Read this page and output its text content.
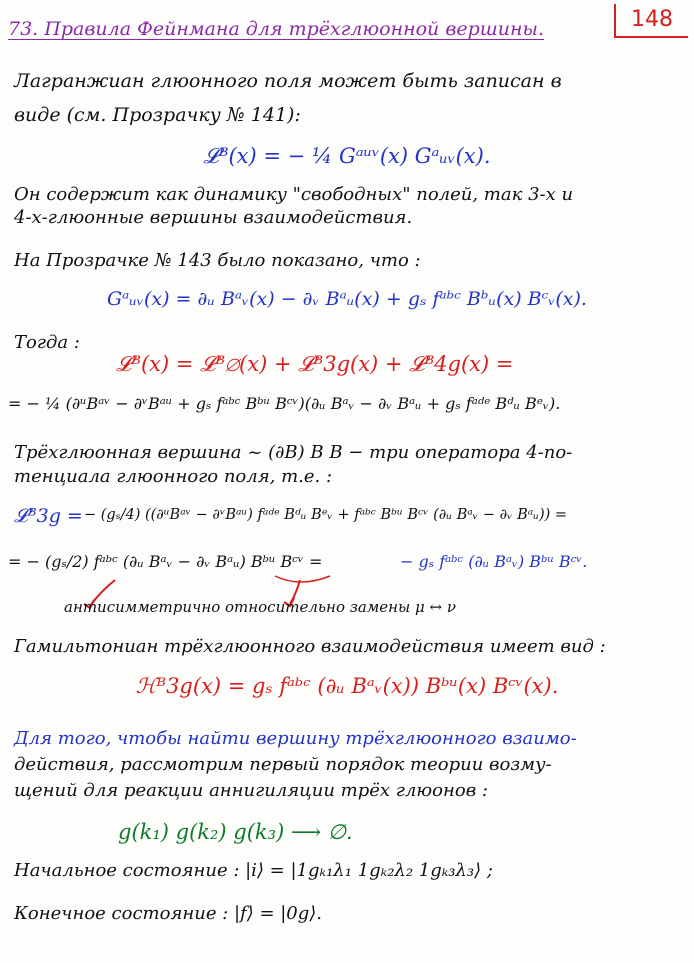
73. Правила Фейнмана для трёхглюонной вершины.	148
Лагранжиан глюонного поля может быть записан в
виде (см. Прозрачку № 141):
𝓛ᴮ(x) = − ¼ Gᵃᵘᵛ(x) Gᵃᵤᵥ(x).
Он содержит как динамику "свободных" полей, так 3-х и
4-х-глюонные вершины взаимодействия.
На Прозрачке № 143 было показано, что :
Gᵃᵤᵥ(x) = ∂ᵤ Bᵃᵥ(x) − ∂ᵥ Bᵃᵤ(x) + gₛ fᵃᵇᶜ Bᵇᵤ(x) Bᶜᵥ(x).
Тогда :
𝓛ᴮ(x) = 𝓛ᴮ∅(x) + 𝓛ᴮ3g(x) + 𝓛ᴮ4g(x) =
= − ¼ (∂ᵘBᵃᵛ − ∂ᵛBᵃᵘ + gₛ fᵃᵇᶜ Bᵇᵘ Bᶜᵛ)(∂ᵤ Bᵃᵥ − ∂ᵥ Bᵃᵤ + gₛ fᵃᵈᵉ Bᵈᵤ Bᵉᵥ).
Трёхглюонная вершина ~ (∂B) B B − три оператора 4-по-
тенциала глюонного поля, т.е. :
𝓛ᴮ3g = − (gₛ/4) ((∂ᵘBᵃᵛ − ∂ᵛBᵃᵘ) fᵃᵈᵉ Bᵈᵤ Bᵉᵥ + fᵃᵇᶜ Bᵇᵘ Bᶜᵛ (∂ᵤ Bᵃᵥ − ∂ᵥ Bᵃᵤ)) =
= − (gₛ/2) fᵃᵇᶜ (∂ᵤ Bᵃᵥ − ∂ᵥ Bᵃᵤ) Bᵇᵘ Bᶜᵛ =	− gₛ fᵃᵇᶜ (∂ᵤ Bᵃᵥ) Bᵇᵘ Bᶜᵛ.
антисимметрично относительно замены μ ↔ ν
Гамильтониан трёхглюонного взаимодействия имеет вид :
ℋᴮ3g(x) = gₛ fᵃᵇᶜ (∂ᵤ Bᵃᵥ(x)) Bᵇᵘ(x) Bᶜᵛ(x).
Для того, чтобы найти вершину трёхглюонного взаимо-
действия, рассмотрим первый порядок теории возму-
щений для реакции аннигиляции трёх глюонов :
g(k₁) g(k₂) g(k₃) ⟶ ∅.
Начальное состояние : |i⟩ = |1gₖ₁λ₁ 1gₖ₂λ₂ 1gₖ₃λ₃⟩ ;
Конечное состояние : |f⟩ = |0g⟩.
